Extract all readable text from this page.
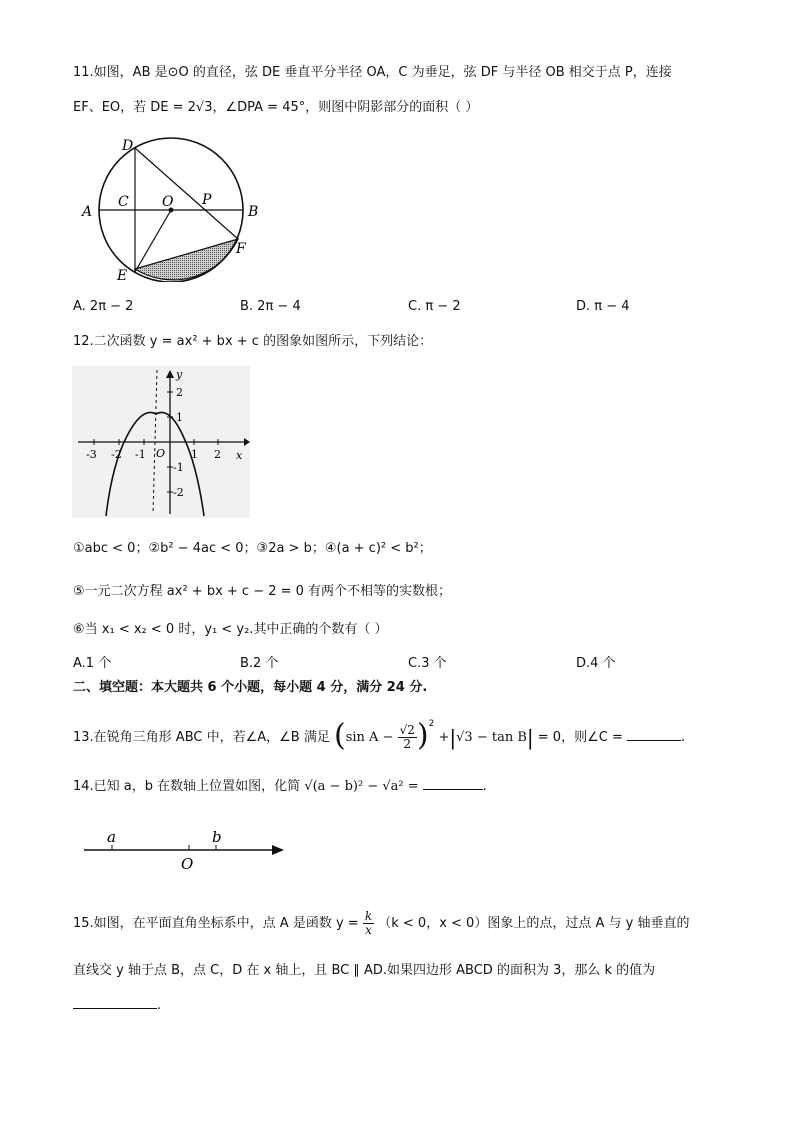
11.如图，AB 是⊙O 的直径，弦 DE 垂直平分半径 OA，C 为垂足，弦 DF 与半径 OB 相交于点 P，连接
EF、EO，若 DE = 2√3，∠DPA = 45°，则图中阴影部分的面积（ ）
D
A
C O P
B
F
E
A. 2π − 2	B. 2π − 4	C. π − 2	D. π − 4
12.二次函数 y = ax² + bx + c 的图象如图所示，下列结论：
y
x
O
-3 -2 -1	1 2
2
1
-1
-2
①abc < 0；②b² − 4ac < 0；③2a > b；④(a + c)² < b²；
⑤一元二次方程 ax² + bx + c − 2 = 0 有两个不相等的实数根；
⑥当 x₁ < x₂ < 0 时，y₁ < y₂.其中正确的个数有（ ）
A.1 个	B.2 个	C.3 个	D.4 个
二、填空题：本大题共 6 个小题，每小题 4 分，满分 24 分.
13.在锐角三角形 ABC 中，若∠A，∠B 满足 (sin $A - \frac{√2}{2} )^2 +|√3 - \tan B| = 0$，则∠C =	.
14.已知 a，b 在数轴上位置如图，化简 √(a − b)² − √a² =	.
a	b
O
15.如图，在平面直角坐标系中，点 A 是函数 $y = \frac{k}{x} (k < 0$，x < 0）图象上的点，过点 A 与 y 轴垂直的
直线交 y 轴于点 B，点 C，D 在 x 轴上，且 BC ∥ AD.如果四边形 ABCD 的面积为 3，那么 k 的值为
.
